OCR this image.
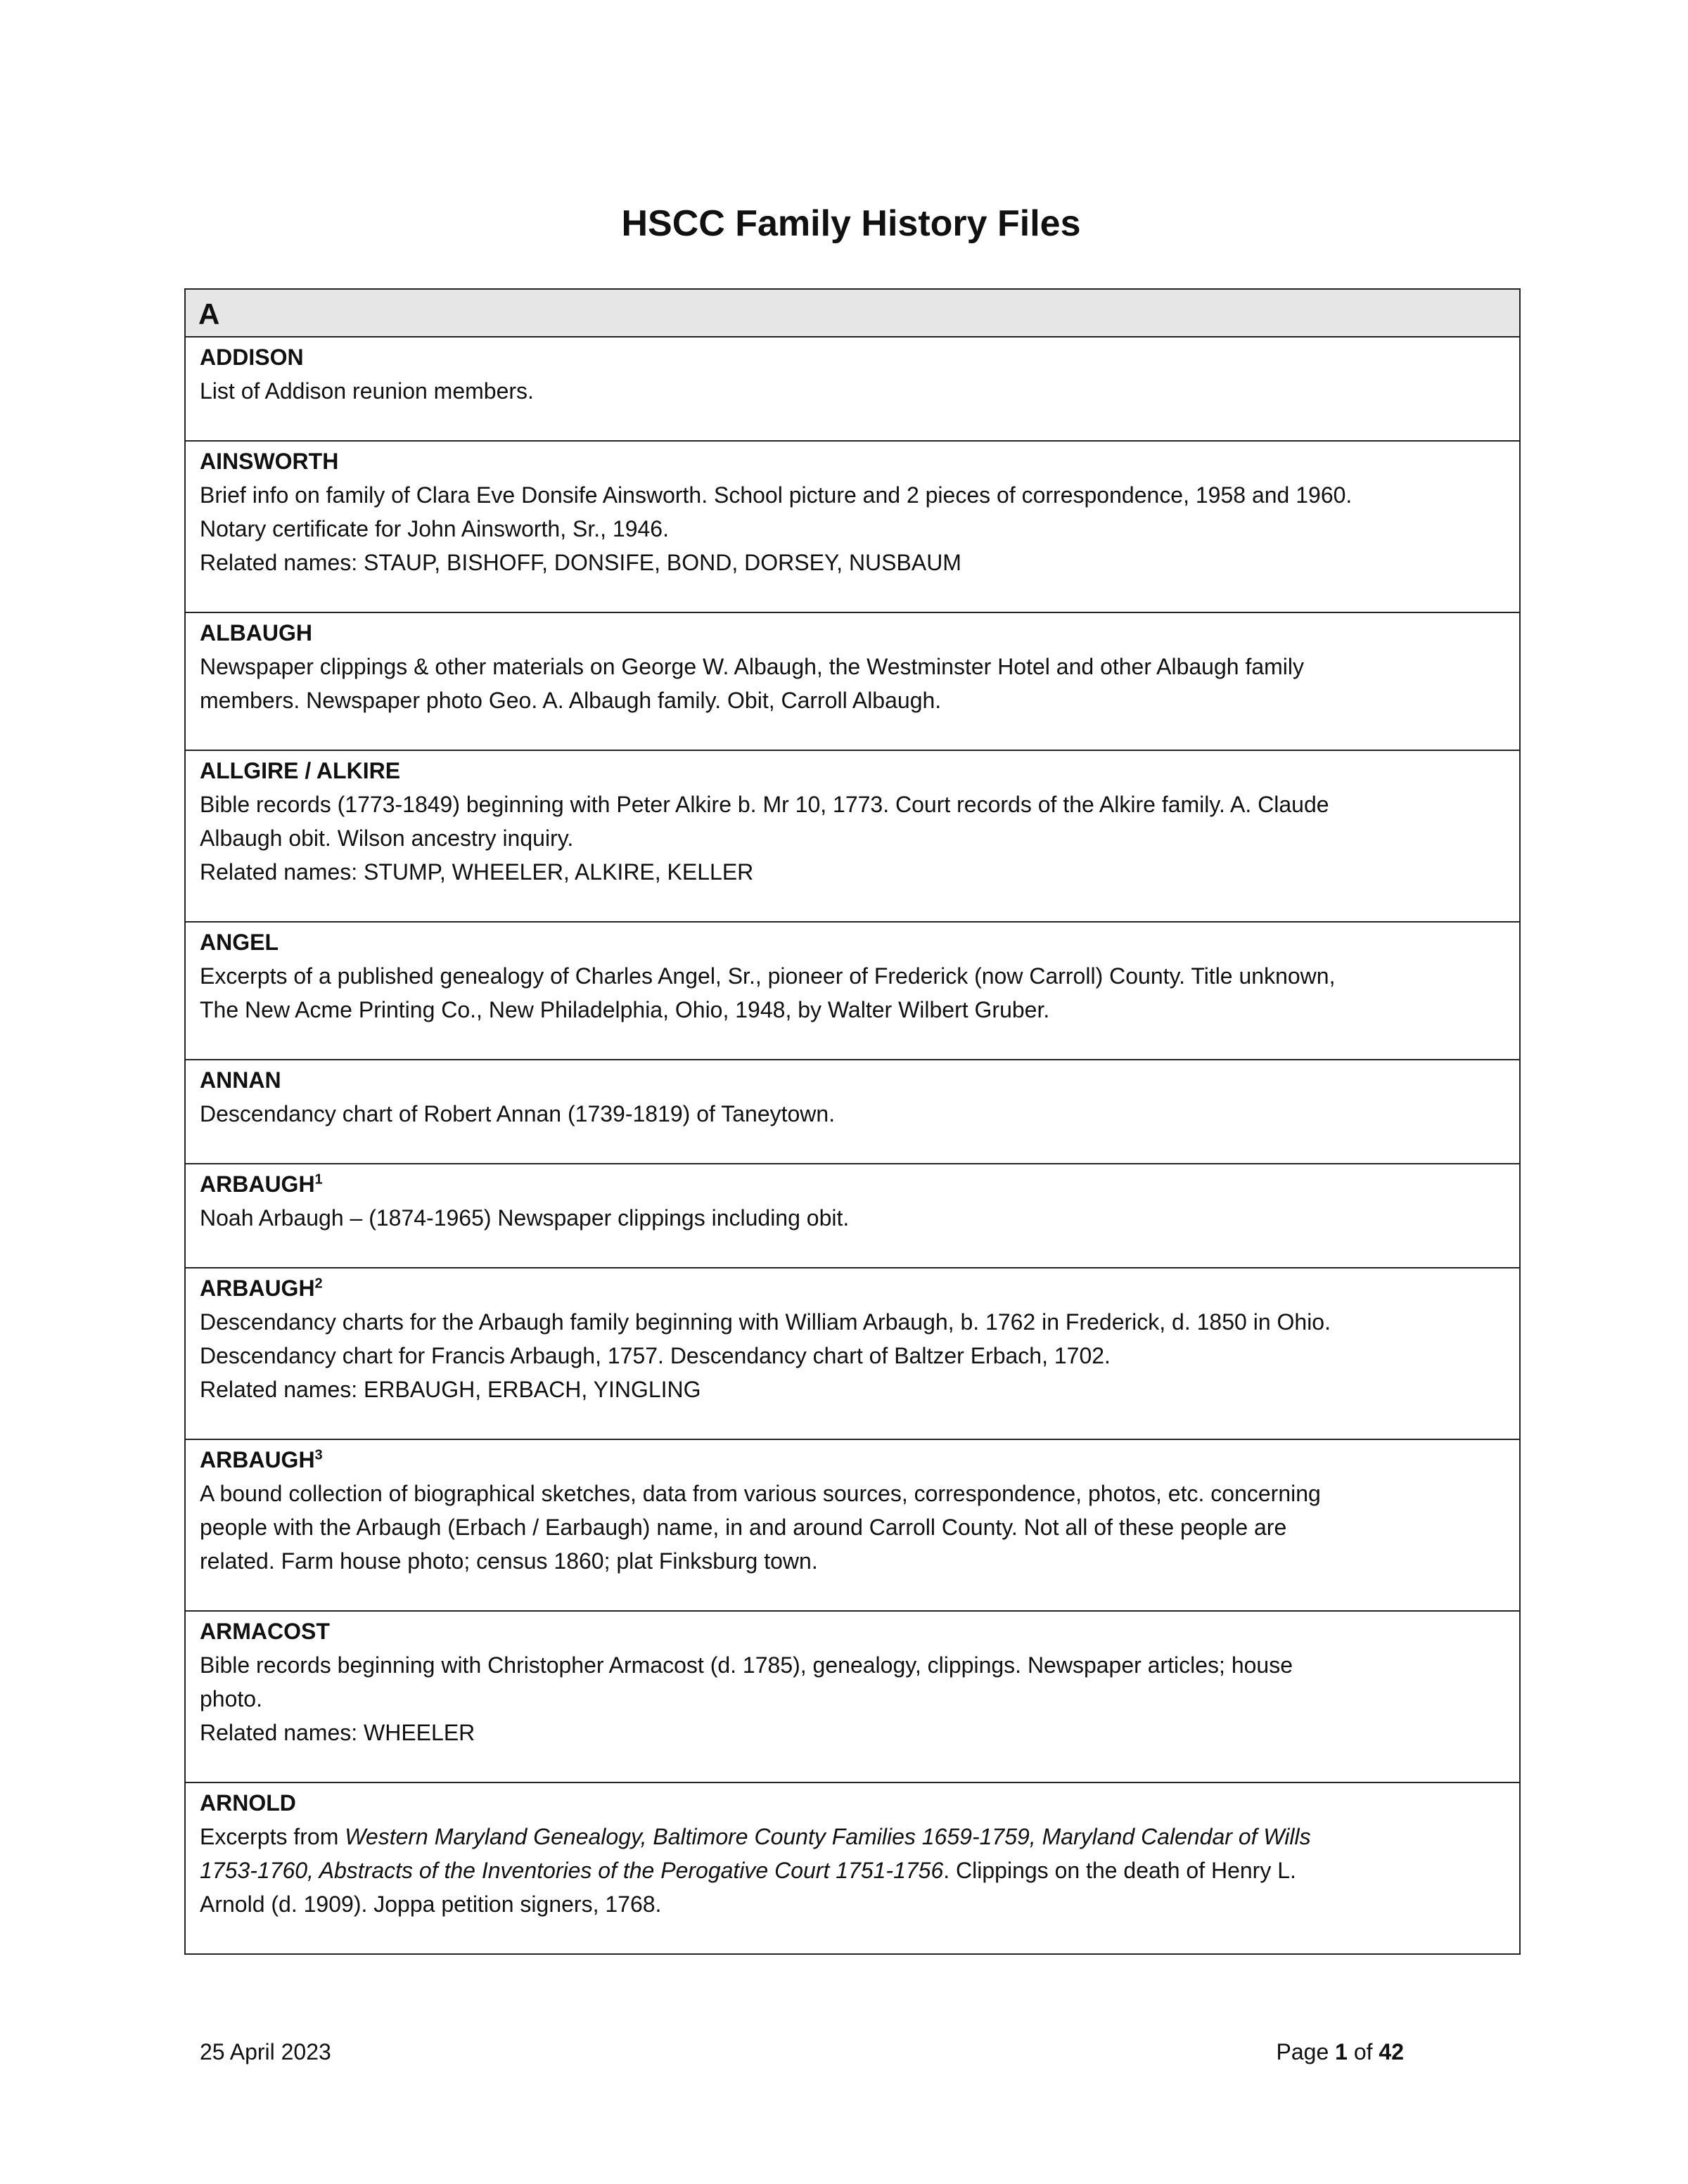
HSCC Family History Files
A
ADDISON
List of Addison reunion members.
AINSWORTH
Brief info on family of Clara Eve Donsife Ainsworth. School picture and 2 pieces of correspondence, 1958 and 1960.
Notary certificate for John Ainsworth, Sr., 1946.
Related names: STAUP, BISHOFF, DONSIFE, BOND, DORSEY, NUSBAUM
ALBAUGH
Newspaper clippings & other materials on George W. Albaugh, the Westminster Hotel and other Albaugh family
members. Newspaper photo Geo. A. Albaugh family. Obit, Carroll Albaugh.
ALLGIRE / ALKIRE
Bible records (1773-1849) beginning with Peter Alkire b. Mr 10, 1773. Court records of the Alkire family. A. Claude
Albaugh obit. Wilson ancestry inquiry.
Related names: STUMP, WHEELER, ALKIRE, KELLER
ANGEL
Excerpts of a published genealogy of Charles Angel, Sr., pioneer of Frederick (now Carroll) County. Title unknown,
The New Acme Printing Co., New Philadelphia, Ohio, 1948, by Walter Wilbert Gruber.
ANNAN
Descendancy chart of Robert Annan (1739-1819) of Taneytown.
ARBAUGH$^1$
Noah Arbaugh – (1874-1965) Newspaper clippings including obit.
ARBAUGH$^2$
Descendancy charts for the Arbaugh family beginning with William Arbaugh, b. 1762 in Frederick, d. 1850 in Ohio.
Descendancy chart for Francis Arbaugh, 1757. Descendancy chart of Baltzer Erbach, 1702.
Related names: ERBAUGH, ERBACH, YINGLING
ARBAUGH$^3$
A bound collection of biographical sketches, data from various sources, correspondence, photos, etc. concerning
people with the Arbaugh (Erbach / Earbaugh) name, in and around Carroll County. Not all of these people are
related. Farm house photo; census 1860; plat Finksburg town.
ARMACOST
Bible records beginning with Christopher Armacost (d. 1785), genealogy, clippings. Newspaper articles; house
photo.
Related names: WHEELER
ARNOLD
Excerpts from Western Maryland Genealogy, Baltimore County Families 1659-1759, Maryland Calendar of Wills
1753-1760, Abstracts of the Inventories of the Perogative Court 1751-1756. Clippings on the death of Henry L.
Arnold (d. 1909). Joppa petition signers, 1768.
25 April 2023	Page 1 of 42
